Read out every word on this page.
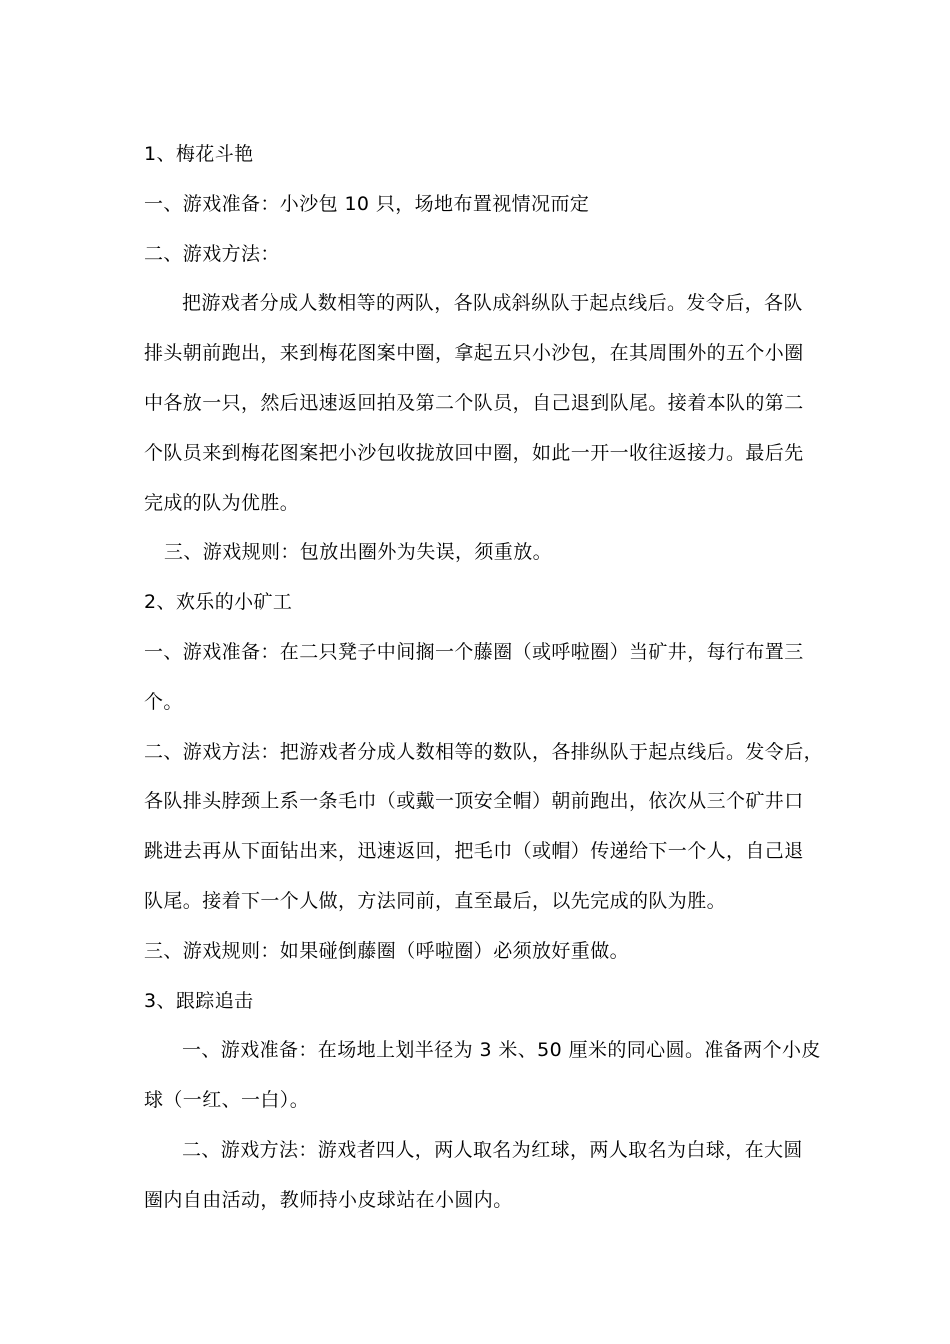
1、梅花斗艳
一、游戏准备：小沙包 10 只，场地布置视情况而定
二、游戏方法：
把游戏者分成人数相等的两队，各队成斜纵队于起点线后。发令后，各队
排头朝前跑出，来到梅花图案中圈，拿起五只小沙包，在其周围外的五个小圈
中各放一只，然后迅速返回拍及第二个队员，自己退到队尾。接着本队的第二
个队员来到梅花图案把小沙包收拢放回中圈，如此一开一收往返接力。最后先
完成的队为优胜。
三、游戏规则：包放出圈外为失误，须重放。
2、欢乐的小矿工
一、游戏准备：在二只凳子中间搁一个藤圈（或呼啦圈）当矿井，每行布置三
个。
二、游戏方法：把游戏者分成人数相等的数队，各排纵队于起点线后。发令后，
各队排头脖颈上系一条毛巾（或戴一顶安全帽）朝前跑出，依次从三个矿井口
跳进去再从下面钻出来，迅速返回，把毛巾（或帽）传递给下一个人，自己退
队尾。接着下一个人做，方法同前，直至最后，以先完成的队为胜。
三、游戏规则：如果碰倒藤圈（呼啦圈）必须放好重做。
3、跟踪追击
一、游戏准备：在场地上划半径为 3 米、50 厘米的同心圆。准备两个小皮
球（一红、一白）。
二、游戏方法：游戏者四人，两人取名为红球，两人取名为白球，在大圆
圈内自由活动，教师持小皮球站在小圆内。
